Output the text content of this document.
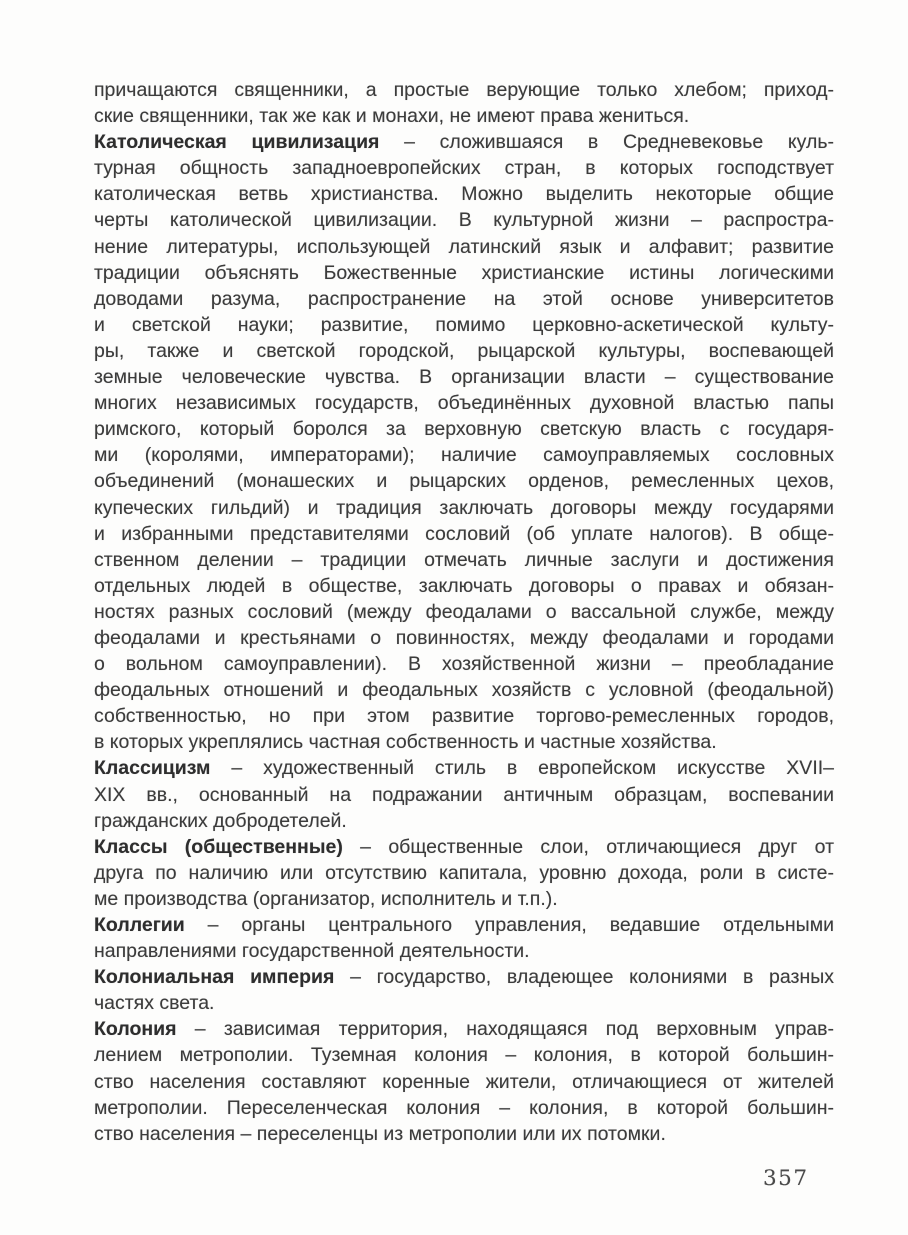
причащаются священники, а простые верующие только хлебом; приход-
ские священники, так же как и монахи, не имеют права жениться.
Католическая цивилизация – сложившаяся в Средневековье куль-
турная общность западноевропейских стран, в которых господствует
католическая ветвь христианства. Можно выделить некоторые общие
черты католической цивилизации. В культурной жизни – распростра-
нение литературы, использующей латинский язык и алфавит; развитие
традиции объяснять Божественные христианские истины логическими
доводами разума, распространение на этой основе университетов
и светской науки; развитие, помимо церковно-аскетической культу-
ры, также и светской городской, рыцарской культуры, воспевающей
земные человеческие чувства. В организации власти – существование
многих независимых государств, объединённых духовной властью папы
римского, который боролся за верховную светскую власть с государя-
ми (королями, императорами); наличие самоуправляемых сословных
объединений (монашеских и рыцарских орденов, ремесленных цехов,
купеческих гильдий) и традиция заключать договоры между государями
и избранными представителями сословий (об уплате налогов). В обще-
ственном делении – традиции отмечать личные заслуги и достижения
отдельных людей в обществе, заключать договоры о правах и обязан-
ностях разных сословий (между феодалами о вассальной службе, между
феодалами и крестьянами о повинностях, между феодалами и городами
о вольном самоуправлении). В хозяйственной жизни – преобладание
феодальных отношений и феодальных хозяйств с условной (феодальной)
собственностью, но при этом развитие торгово-ремесленных городов,
в которых укреплялись частная собственность и частные хозяйства.
Классицизм – художественный стиль в европейском искусстве XVII–
XIX вв., основанный на подражании античным образцам, воспевании
гражданских добродетелей.
Классы (общественные) – общественные слои, отличающиеся друг от
друга по наличию или отсутствию капитала, уровню дохода, роли в систе-
ме производства (организатор, исполнитель и т.п.).
Коллегии – органы центрального управления, ведавшие отдельными
направлениями государственной деятельности.
Колониальная империя – государство, владеющее колониями в разных
частях света.
Колония – зависимая территория, находящаяся под верховным управ-
лением метрополии. Туземная колония – колония, в которой большин-
ство населения составляют коренные жители, отличающиеся от жителей
метрополии. Переселенческая колония – колония, в которой большин-
ство населения – переселенцы из метрополии или их потомки.
357
